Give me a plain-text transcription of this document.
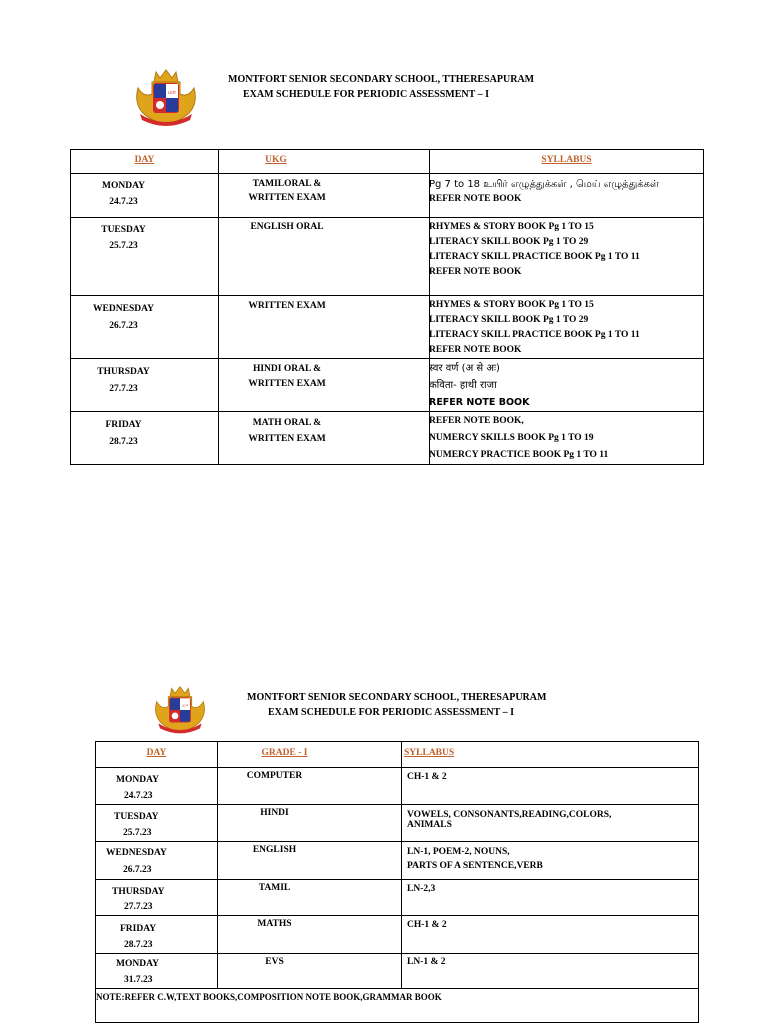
மா
MONTFORT SENIOR SECONDARY SCHOOL, TTHERESAPURAM
EXAM SCHEDULE FOR PERIODIC ASSESSMENT – I
DAY	UKG	SYLLABUS

MONDAY
24.7.23	TAMILORAL &
WRITTEN EXAM	Pg 7 to 18 உயிர் எழுத்துக்கள் , மெய் எழுத்துக்கள்
REFER NOTE BOOK

TUESDAY
25.7.23	ENGLISH ORAL	RHYMES & STORY BOOK Pg 1 TO 15
LITERACY SKILL BOOK Pg 1 TO 29
LITERACY SKILL PRACTICE BOOK Pg 1 TO 11
REFER NOTE BOOK

WEDNESDAY
26.7.23	WRITTEN EXAM	RHYMES & STORY BOOK Pg 1 TO 15
LITERACY SKILL BOOK Pg 1 TO 29
LITERACY SKILL PRACTICE BOOK Pg 1 TO 11
REFER NOTE BOOK

THURSDAY
27.7.23	HINDI ORAL &
WRITTEN EXAM	स्वर वर्ण (अ से अः)
कविता- हाथी राजा
REFER NOTE BOOK

FRIDAY
28.7.23	MATH ORAL &
WRITTEN EXAM	REFER NOTE BOOK,
NUMERCY SKILLS BOOK Pg 1 TO 19
NUMERCY PRACTICE BOOK Pg 1 TO 11
மா
MONTFORT SENIOR SECONDARY SCHOOL, THERESAPURAM
EXAM SCHEDULE FOR PERIODIC ASSESSMENT – I
DAY	GRADE - I	SYLLABUS

MONDAY
24.7.23	COMPUTER	CH-1 & 2

TUESDAY
25.7.23	HINDI	VOWELS, CONSONANTS,READING,COLORS,
ANIMALS

WEDNESDAY
26.7.23	ENGLISH	LN-1, POEM-2, NOUNS,
PARTS OF A SENTENCE,VERB

THURSDAY
27.7.23	TAMIL	LN-2,3

FRIDAY
28.7.23	MATHS	CH-1 & 2

MONDAY
31.7.23	EVS	LN-1 & 2

NOTE:REFER C.W,TEXT BOOKS,COMPOSITION NOTE BOOK,GRAMMAR BOOK		
